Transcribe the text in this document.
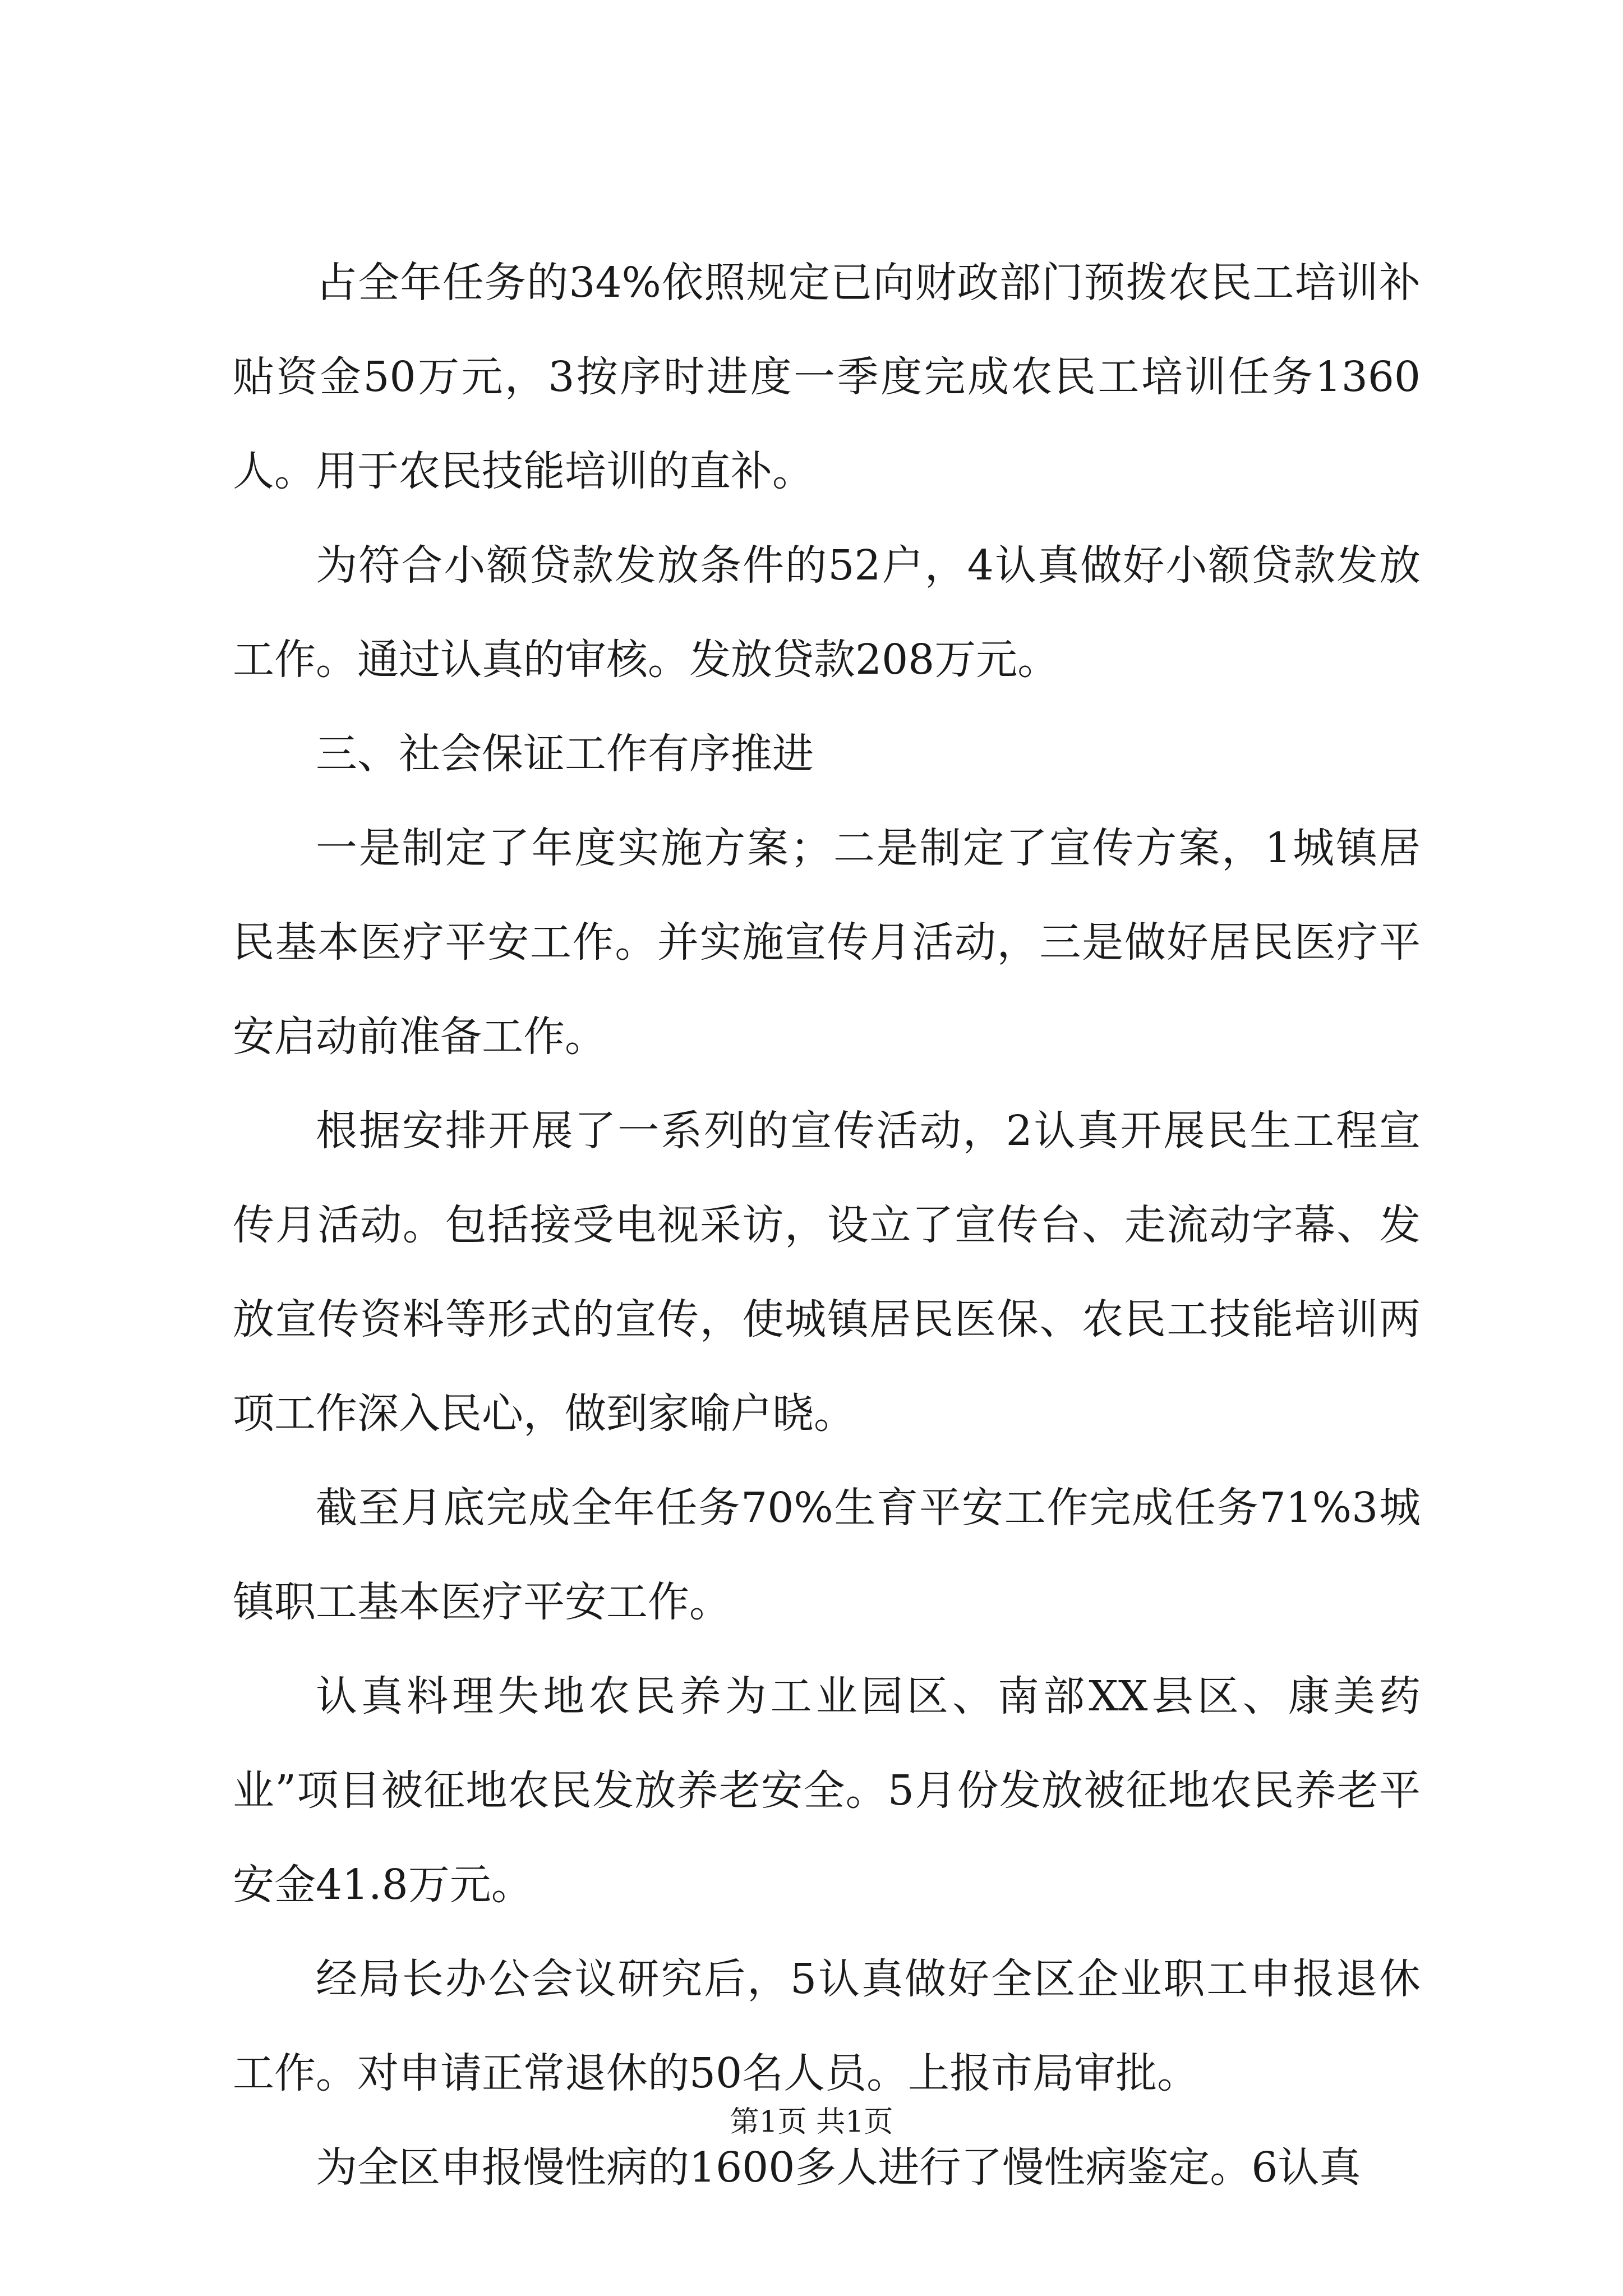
占全年任务的34%依照规定已向财政部门预拨农民工培训补贴资金50万元，3按序时进度一季度完成农民工培训任务1360人。用于农民技能培训的直补。

为符合小额贷款发放条件的52户，4认真做好小额贷款发放工作。通过认真的审核。发放贷款208万元。

三、社会保证工作有序推进

一是制定了年度实施方案；二是制定了宣传方案，1城镇居民基本医疗平安工作。并实施宣传月活动，三是做好居民医疗平安启动前准备工作。

根据安排开展了一系列的宣传活动，2认真开展民生工程宣传月活动。包括接受电视采访，设立了宣传台、走流动字幕、发放宣传资料等形式的宣传，使城镇居民医保、农民工技能培训两项工作深入民心，做到家喻户晓。

截至月底完成全年任务70%生育平安工作完成任务71%3城镇职工基本医疗平安工作。

认真料理失地农民养为工业园区、南部XX县区、康美药业”项目被征地农民发放养老安全。5月份发放被征地农民养老平安金41.8万元。

经局长办公会议研究后，5认真做好全区企业职工申报退休工作。对申请正常退休的50名人员。上报市局审批。

为全区申报慢性病的1600多人进行了慢性病鉴定。6认真

第1页 共1页
